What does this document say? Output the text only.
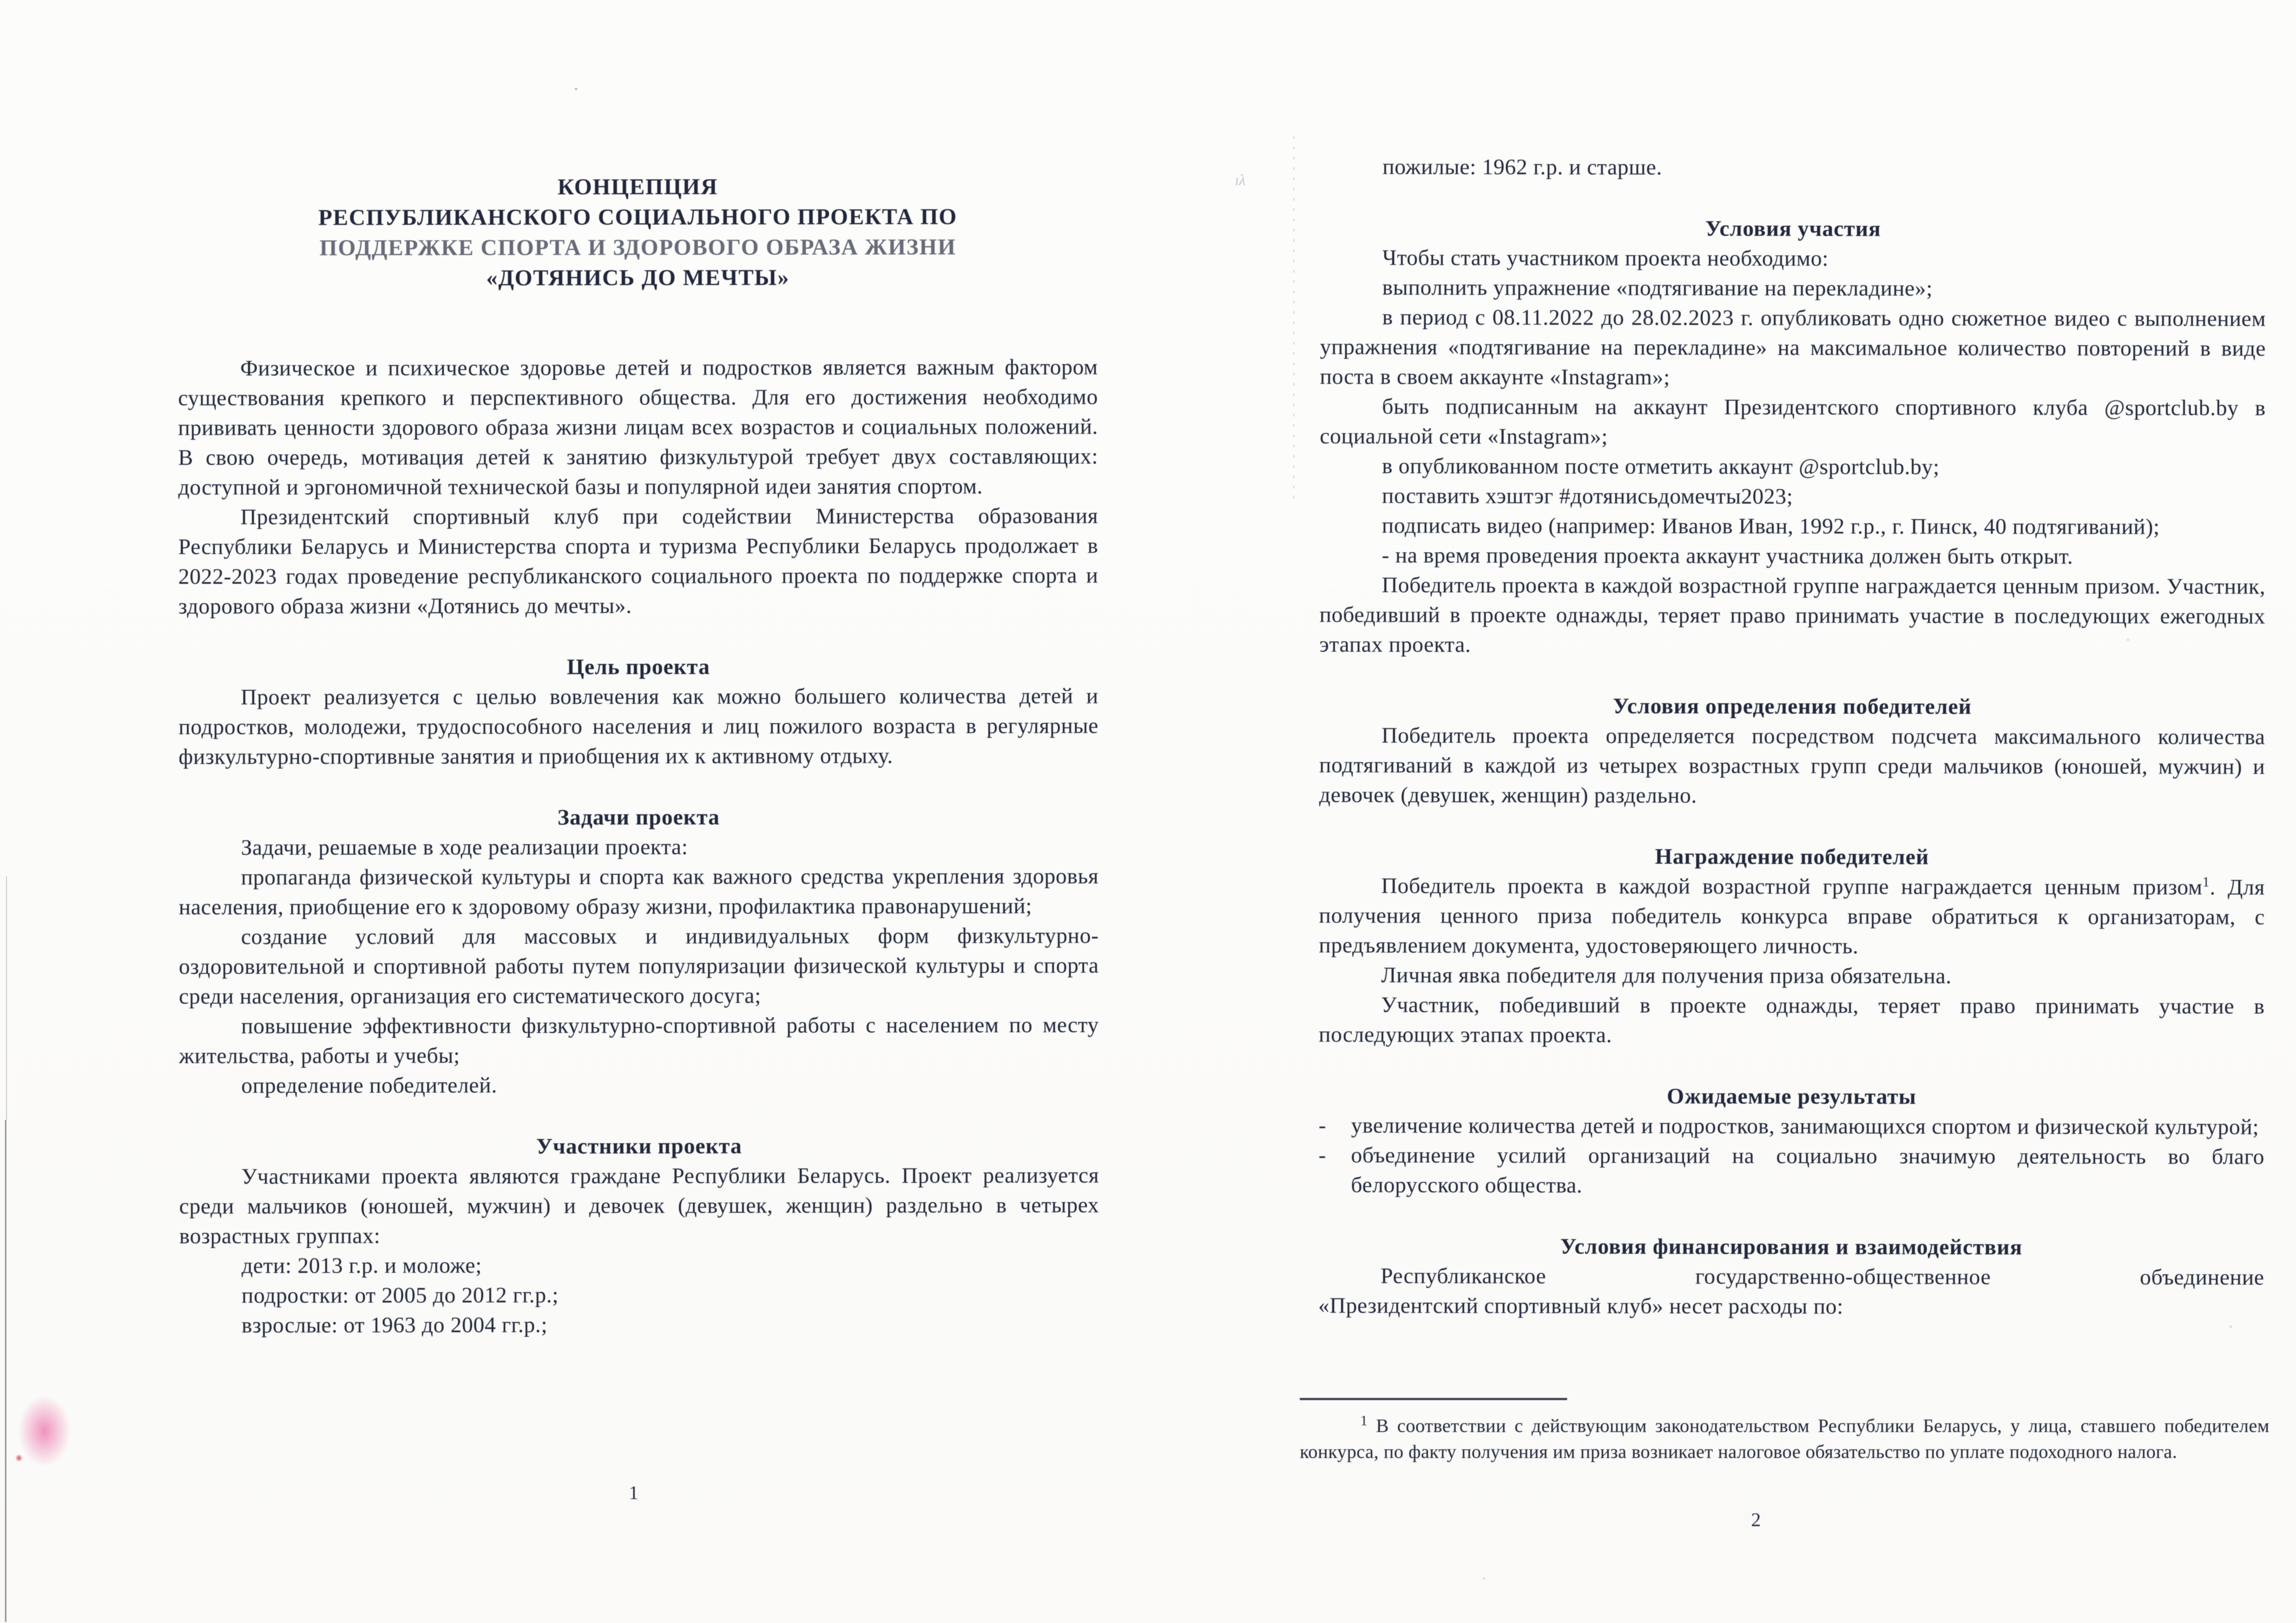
КОНЦЕПЦИЯ
РЕСПУБЛИКАНСКОГО СОЦИАЛЬНОГО ПРОЕКТА ПО
ПОДДЕРЖКЕ СПОРТА И ЗДОРОВОГО ОБРАЗА ЖИЗНИ
«ДОТЯНИСЬ ДО МЕЧТЫ»

Физическое и психическое здоровье детей и подростков является важным фактором существования крепкого и перспективного общества. Для его достижения необходимо прививать ценности здорового образа жизни лицам всех возрастов и социальных положений. В свою очередь, мотивация детей к занятию физкультурой требует двух составляющих: доступной и эргономичной технической базы и популярной идеи занятия спортом.

Президентский спортивный клуб при содействии Министерства образования Республики Беларусь и Министерства спорта и туризма Республики Беларусь продолжает в 2022-2023 годах проведение республиканского социального проекта по поддержке спорта и здорового образа жизни «Дотянись до мечты».

Цель проекта

Проект реализуется с целью вовлечения как можно большего количества детей и подростков, молодежи, трудоспособного населения и лиц пожилого возраста в регулярные физкультурно-спортивные занятия и приобщения их к активному отдыху.

Задачи проекта

Задачи, решаемые в ходе реализации проекта:

пропаганда физической культуры и спорта как важного средства укрепления здоровья населения, приобщение его к здоровому образу жизни, профилактика правонарушений;

создание условий для массовых и индивидуальных форм физкультурно-оздоровительной и спортивной работы путем популяризации физической культуры и спорта среди населения, организация его систематического досуга;

повышение эффективности физкультурно-спортивной работы с населением по месту жительства, работы и учебы;

определение победителей.

Участники проекта

Участниками проекта являются граждане Республики Беларусь. Проект реализуется среди мальчиков (юношей, мужчин) и девочек (девушек, женщин) раздельно в четырех возрастных группах:

дети: 2013 г.р. и моложе;

подростки: от 2005 до 2012 гг.р.;

взрослые: от 1963 до 2004 гг.р.;

пожилые: 1962 г.р. и старше.

Условия участия

Чтобы стать участником проекта необходимо:

выполнить упражнение «подтягивание на перекладине»;

в период с 08.11.2022 до 28.02.2023 г. опубликовать одно сюжетное видео с выполнением упражнения «подтягивание на перекладине» на максимальное количество повторений в виде поста в своем аккаунте «Instagram»;

быть подписанным на аккаунт Президентского спортивного клуба @sportclub.by в социальной сети «Instagram»;

в опубликованном посте отметить аккаунт @sportclub.by;

поставить хэштэг #дотянисьдомечты2023;

подписать видео (например: Иванов Иван, 1992 г.р., г. Пинск, 40 подтягиваний);

- на время проведения проекта аккаунт участника должен быть открыт.

Победитель проекта в каждой возрастной группе награждается ценным призом. Участник, победивший в проекте однажды, теряет право принимать участие в последующих ежегодных этапах проекта.

Условия определения победителей

Победитель проекта определяется посредством подсчета максимального количества подтягиваний в каждой из четырех возрастных групп среди мальчиков (юношей, мужчин) и девочек (девушек, женщин) раздельно.

Награждение победителей

Победитель проекта в каждой возрастной группе награждается ценным призом$^1$. Для получения ценного приза победитель конкурса вправе обратиться к организаторам, с предъявлением документа, удостоверяющего личность.

Личная явка победителя для получения приза обязательна.

Участник, победивший в проекте однажды, теряет право принимать участие в последующих этапах проекта.

Ожидаемые результаты
-	увеличение количества детей и подростков, занимающихся спортом и физической культурой;
-	объединение усилий организаций на социально значимую деятельность во благо белорусского общества.
Условия финансирования и взаимодействия

Республиканское государственно-общественное объединение

«Президентский спортивный клуб» несет расходы по:

$^1$ В соответствии с действующим законодательством Республики Беларусь, у лица, ставшего победителем конкурса, по факту получения им приза возникает налоговое обязательство по уплате подоходного налога.

1
2
ıλ
